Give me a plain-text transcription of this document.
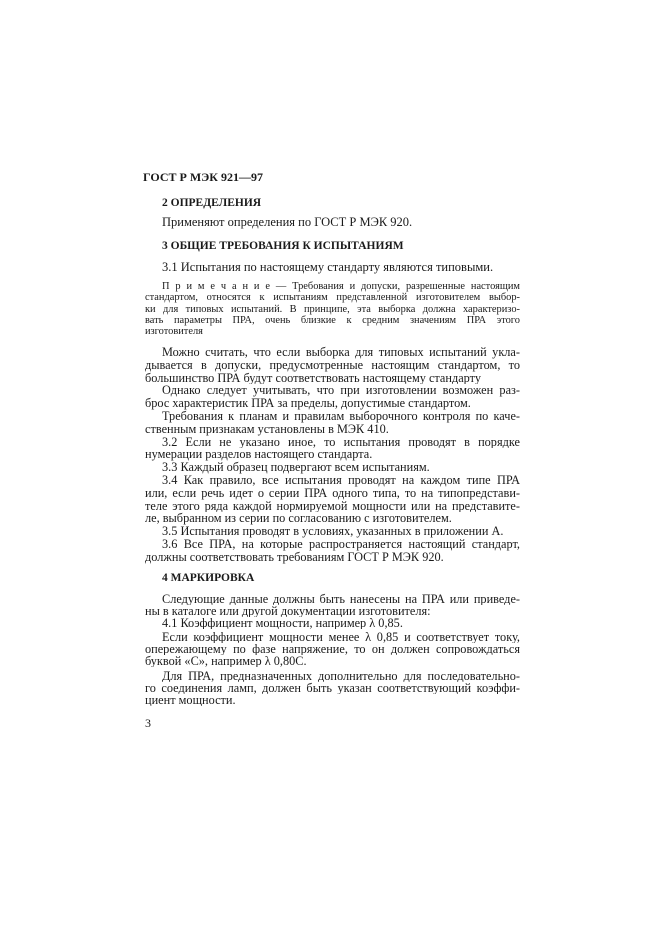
ГОСТ Р МЭК 921—97
2 ОПРЕДЕЛЕНИЯ
Применяют определения по ГОСТ Р МЭК 920.
3 ОБЩИЕ ТРЕБОВАНИЯ К ИСПЫТАНИЯМ
3.1 Испытания по настоящему стандарту являются типовыми.
П р и м е ч а н и е — Требования и допуски, разрешенные настоящим
стандартом, относятся к испытаниям представленной изготовителем выбор-
ки для типовых испытаний. В принципе, эта выборка должна характеризо-
вать параметры ПРА, очень близкие к средним значениям ПРА этого
изготовителя
Можно считать, что если выборка для типовых испытаний укла-
дывается в допуски, предусмотренные настоящим стандартом, то
большинство ПРА будут соответствовать настоящему стандарту
Однако следует учитывать, что при изготовлении возможен раз-
брос характеристик ПРА за пределы, допустимые стандартом.
Требования к планам и правилам выборочного контроля по каче-
ственным признакам установлены в МЭК 410.
3.2 Если не указано иное, то испытания проводят в порядке
нумерации разделов настоящего стандарта.
3.3 Каждый образец подвергают всем испытаниям.
3.4 Как правило, все испытания проводят на каждом типе ПРА
или, если речь идет о серии ПРА одного типа, то на типопредстави-
теле этого ряда каждой нормируемой мощности или на представите-
ле, выбранном из серии по согласованию с изготовителем.
3.5 Испытания проводят в условиях, указанных в приложении А.
3.6 Все ПРА, на которые распространяется настоящий стандарт,
должны соответствовать требованиям ГОСТ Р МЭК 920.
4 МАРКИРОВКА
Следующие данные должны быть нанесены на ПРА или приведе-
ны в каталоге или другой документации изготовителя:
4.1 Коэффициент мощности, например λ 0,85.
Если коэффициент мощности менее λ 0,85 и соответствует току,
опережающему по фазе напряжение, то он должен сопровождаться
буквой «С», например λ 0,80С.
Для ПРА, предназначенных дополнительно для последовательно-
го соединения ламп, должен быть указан соответствующий коэффи-
циент мощности.
3
